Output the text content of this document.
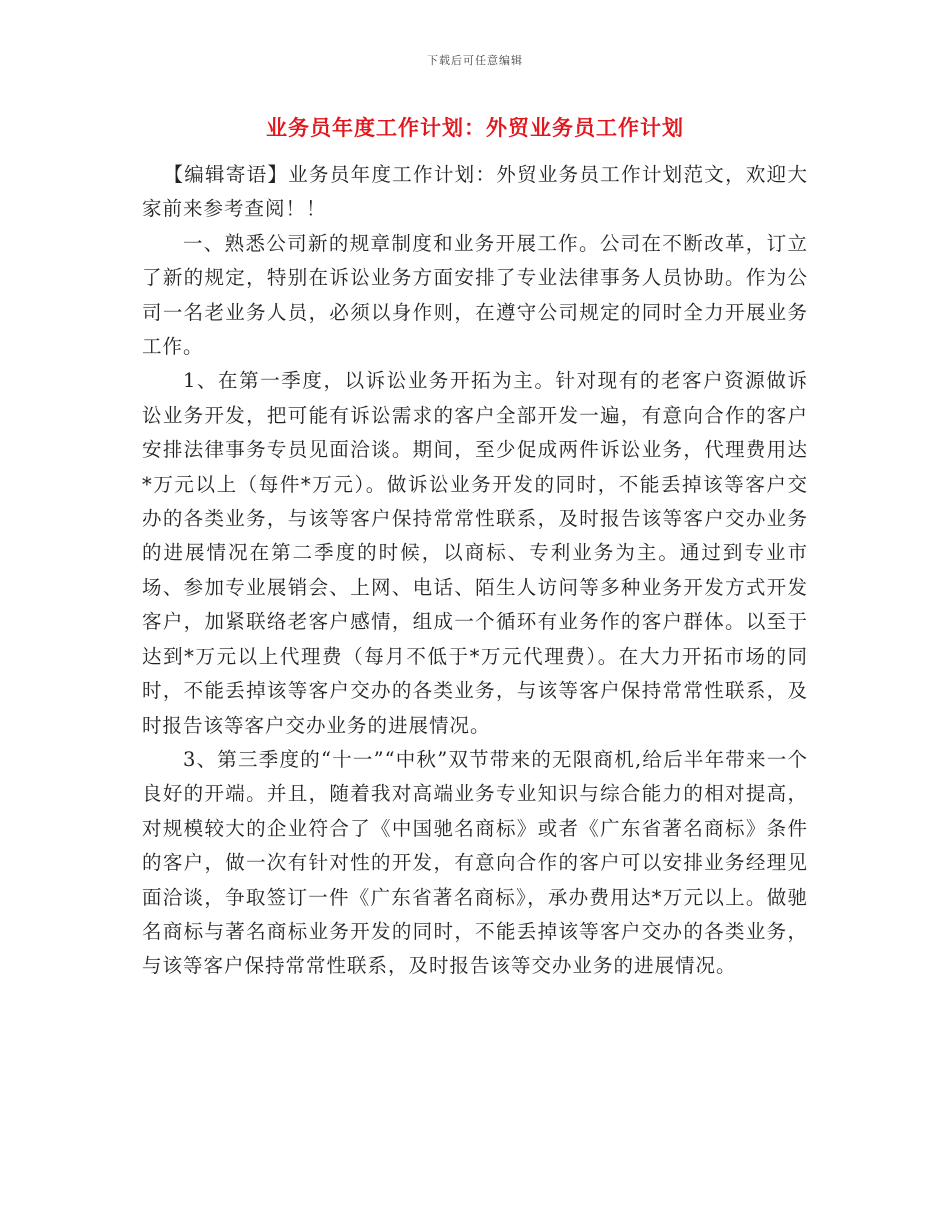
下载后可任意编辑
业务员年度工作计划：外贸业务员工作计划

【编辑寄语】业务员年度工作计划：外贸业务员工作计划范文，欢迎大家前来参考查阅！！

一、熟悉公司新的规章制度和业务开展工作。公司在不断改革，订立了新的规定，特别在诉讼业务方面安排了专业法律事务人员协助。作为公司一名老业务人员，必须以身作则，在遵守公司规定的同时全力开展业务工作。

1、在第一季度，以诉讼业务开拓为主。针对现有的老客户资源做诉讼业务开发，把可能有诉讼需求的客户全部开发一遍，有意向合作的客户安排法律事务专员见面洽谈。期间，至少促成两件诉讼业务，代理费用达*万元以上（每件*万元）。做诉讼业务开发的同时，不能丢掉该等客户交办的各类业务，与该等客户保持常常性联系，及时报告该等客户交办业务的进展情况在第二季度的时候，以商标、专利业务为主。通过到专业市场、参加专业展销会、上网、电话、陌生人访问等多种业务开发方式开发客户，加紧联络老客户感情，组成一个循环有业务作的客户群体。以至于达到*万元以上代理费（每月不低于*万元代理费）。在大力开拓市场的同时，不能丢掉该等客户交办的各类业务，与该等客户保持常常性联系，及时报告该等客户交办业务的进展情况。

3、第三季度的“十一”“中秋”双节带来的无限商机,给后半年带来一个良好的开端。并且，随着我对高端业务专业知识与综合能力的相对提高，对规模较大的企业符合了《中国驰名商标》或者《广东省著名商标》条件的客户，做一次有针对性的开发，有意向合作的客户可以安排业务经理见面洽谈，争取签订一件《广东省著名商标》，承办费用达*万元以上。做驰名商标与著名商标业务开发的同时，不能丢掉该等客户交办的各类业务，与该等客户保持常常性联系，及时报告该等交办业务的进展情况。
